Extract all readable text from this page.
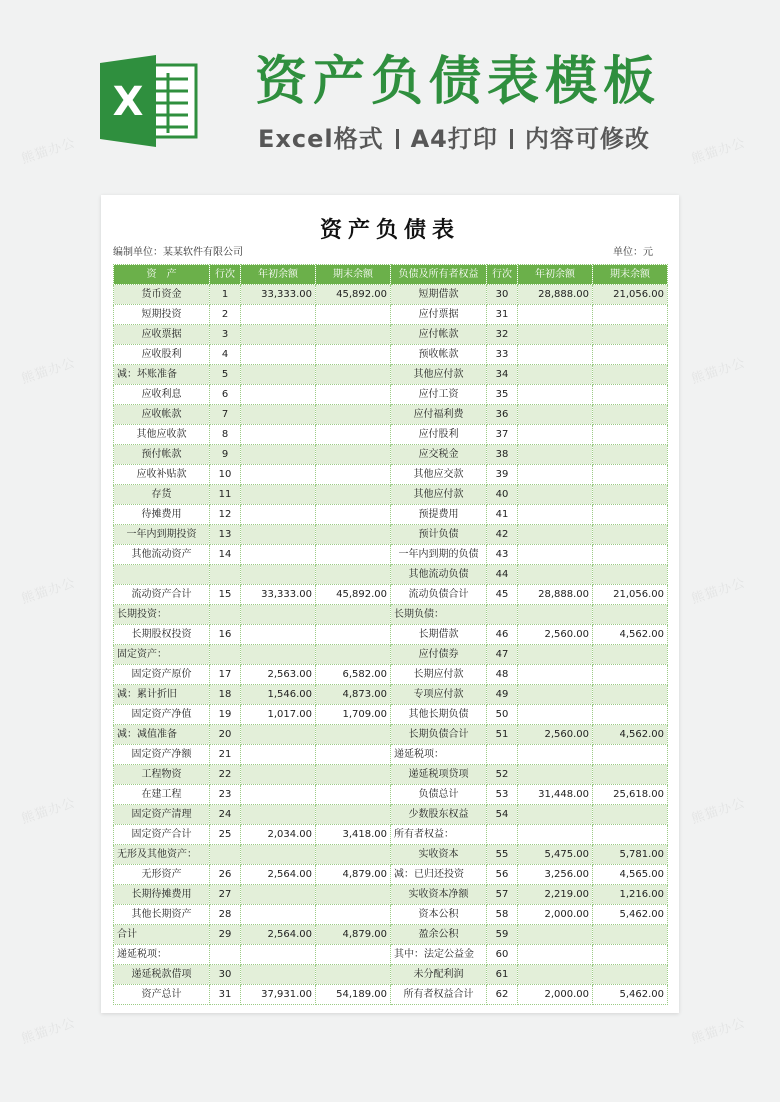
熊猫办公	熊猫办公
熊猫办公	熊猫办公
熊猫办公	熊猫办公
熊猫办公	熊猫办公
熊猫办公	熊猫办公
X 资产负债表模板
Excel格式 A4打印 内容可修改
资产负债表
编制单位：某某软件有限公司	单位：元
资　产	行次	年初余额	期末余额	负债及所有者权益	行次	年初余额	期末余额
货币资金	1	33,333.00	45,892.00	短期借款	30	28,888.00	21,056.00
短期投资	2			应付票据	31		
应收票据	3			应付帐款	32		
应收股利	4			预收帐款	33		
减：坏账准备	5			其他应付款	34		
应收利息	6			应付工资	35		
应收帐款	7			应付福利费	36		
其他应收款	8			应付股利	37		
预付帐款	9			应交税金	38		
应收补贴款	10			其他应交款	39		
存货	11			其他应付款	40		
待摊费用	12			预提费用	41		
一年内到期投资	13			预计负债	42		
其他流动资产	14			一年内到期的负债	43		
				其他流动负债	44		
流动资产合计	15	33,333.00	45,892.00	流动负债合计	45	28,888.00	21,056.00
长期投资：				长期负债：			
长期股权投资	16			长期借款	46	2,560.00	4,562.00
固定资产：				应付债券	47		
固定资产原价	17	2,563.00	6,582.00	长期应付款	48		
减：累计折旧	18	1,546.00	4,873.00	专项应付款	49		
固定资产净值	19	1,017.00	1,709.00	其他长期负债	50		
减：减值准备	20			长期负债合计	51	2,560.00	4,562.00
固定资产净额	21			递延税项：			
工程物资	22			递延税项贷项	52		
在建工程	23			负债总计	53	31,448.00	25,618.00
固定资产清理	24			少数股东权益	54		
固定资产合计	25	2,034.00	3,418.00	所有者权益：			
无形及其他资产：				实收资本	55	5,475.00	5,781.00
无形资产	26	2,564.00	4,879.00	减：已归还投资	56	3,256.00	4,565.00
长期待摊费用	27			实收资本净额	57	2,219.00	1,216.00
其他长期资产	28			资本公积	58	2,000.00	5,462.00
合计	29	2,564.00	4,879.00	盈余公积	59		
递延税项：				其中：法定公益金	60		
递延税款借项	30			未分配利润	61		
资产总计	31	37,931.00	54,189.00	所有者权益合计	62	2,000.00	5,462.00
